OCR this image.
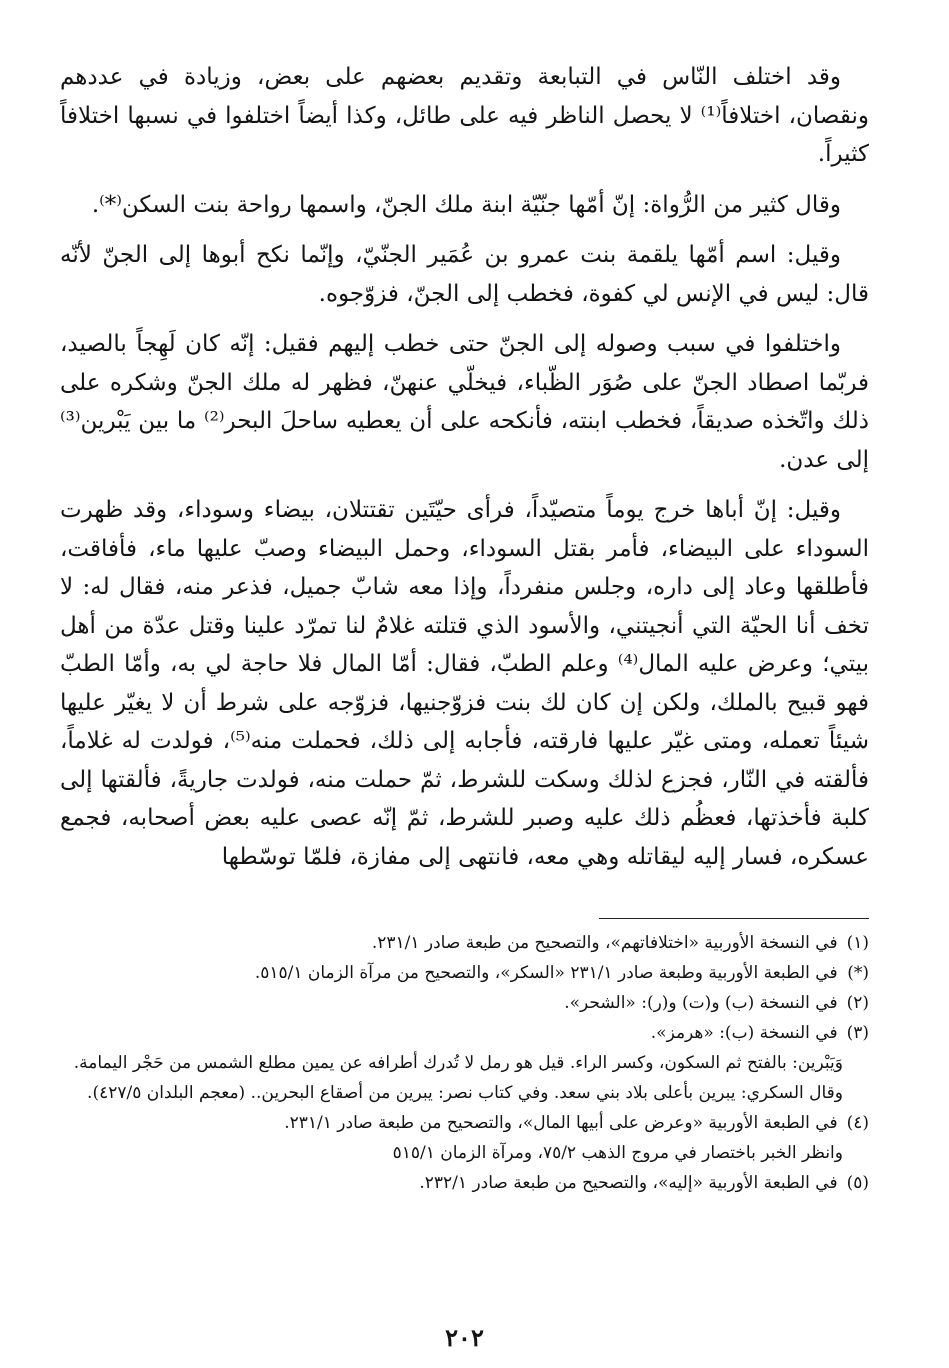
وقد اختلف النّاس في التبابعة وتقديم بعضهم على بعض، وزيادة في عددهم ونقصان، اختلافاً⁽¹⁾ لا يحصل الناظر فيه على طائل، وكذا أيضاً اختلفوا في نسبها اختلافاً كثيراً.

وقال كثير من الرُّواة: إنّ أمّها جنّيّة ابنة ملك الجنّ، واسمها رواحة بنت السكن⁽*⁾.

وقيل: اسم أمّها يلقمة بنت عمرو بن عُمَير الجنّيّ، وإنّما نكح أبوها إلى الجنّ لأنّه قال: ليس في الإنس لي كفوة، فخطب إلى الجنّ، فزوّجوه.

واختلفوا في سبب وصوله إلى الجنّ حتى خطب إليهم فقيل: إنّه كان لَهِجاً بالصيد، فربّما اصطاد الجنّ على صُوَر الظّباء، فيخلّي عنهنّ، فظهر له ملك الجنّ وشكره على ذلك واتّخذه صديقاً، فخطب ابنته، فأنكحه على أن يعطيه ساحلَ البحر⁽²⁾ ما بين يَبْرين⁽³⁾ إلى عدن.

وقيل: إنّ أباها خرج يوماً متصيّداً، فرأى حيّتَين تقتتلان، بيضاء وسوداء، وقد ظهرت السوداء على البيضاء، فأمر بقتل السوداء، وحمل البيضاء وصبّ عليها ماء، فأفاقت، فأطلقها وعاد إلى داره، وجلس منفرداً، وإذا معه شابّ جميل، فذعر منه، فقال له: لا تخف أنا الحيّة التي أنجيتني، والأسود الذي قتلته غلامٌ لنا تمرّد علينا وقتل عدّة من أهل بيتي؛ وعرض عليه المال⁽⁴⁾ وعلم الطبّ، فقال: أمّا المال فلا حاجة لي به، وأمّا الطبّ فهو قبيح بالملك، ولكن إن كان لك بنت فزوّجنيها، فزوّجه على شرط أن لا يغيّر عليها شيئاً تعمله، ومتى غيّر عليها فارقته، فأجابه إلى ذلك، فحملت منه⁽⁵⁾، فولدت له غلاماً، فألقته في النّار، فجزع لذلك وسكت للشرط، ثمّ حملت منه، فولدت جاريةً، فألقتها إلى كلبة فأخذتها، فعظُم ذلك عليه وصبر للشرط، ثمّ إنّه عصى عليه بعض أصحابه، فجمع عسكره، فسار إليه ليقاتله وهي معه، فانتهى إلى مفازة، فلمّا توسّطها

(١) في النسخة الأوربية «اختلافاتهم»، والتصحيح من طبعة صادر ٢٣١/١.

(*) في الطبعة الأوربية وطبعة صادر ٢٣١/١ «السكر»، والتصحيح من مرآة الزمان ٥١٥/١.

(٢) في النسخة (ب) و(ت) و(ر): «الشحر».

(٣) في النسخة (ب): «هرمز».

وَيَبْرين: بالفتح ثم السكون، وكسر الراء. قيل هو رمل لا تُدرك أطرافه عن يمين مطلع الشمس من حَجْر اليمامة. وقال السكري: يبرين بأعلى بلاد بني سعد. وفي كتاب نصر: يبرين من أصقاع البحرين.. (معجم البلدان ٤٢٧/٥).

(٤) في الطبعة الأوربية «وعرض على أبيها المال»، والتصحيح من طبعة صادر ٢٣١/١.

وانظر الخبر باختصار في مروج الذهب ٧٥/٢، ومرآة الزمان ٥١٥/١

(٥) في الطبعة الأوربية «إليه»، والتصحيح من طبعة صادر ٢٣٢/١.

٢٠٢
